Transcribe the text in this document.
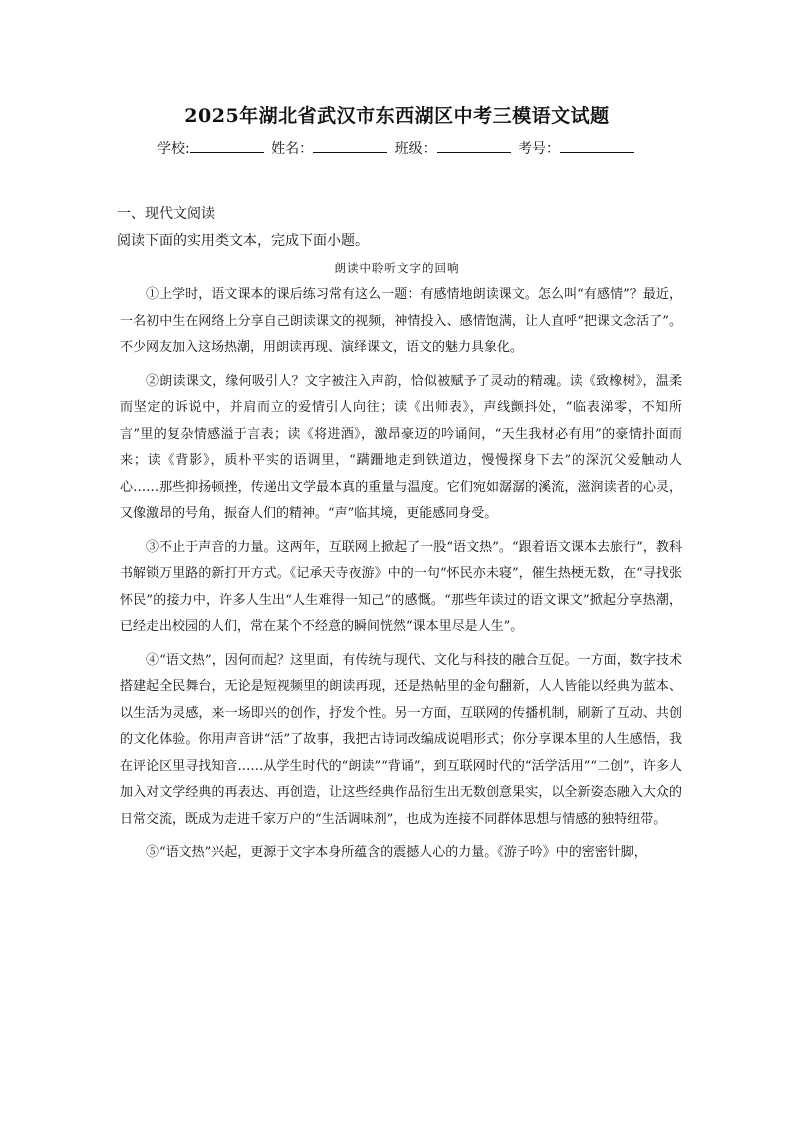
2025年湖北省武汉市东西湖区中考三模语文试题
学校:	姓名：	班级：	考号：
一、现代文阅读
阅读下面的实用类文本，完成下面小题。
朗读中聆听文字的回响

①上学时，语文课本的课后练习常有这么一题：有感情地朗读课文。怎么叫“有感情”？最近，一名初中生在网络上分享自己朗读课文的视频，神情投入、感情饱满，让人直呼“把课文念活了”。不少网友加入这场热潮，用朗读再现、演绎课文，语文的魅力具象化。

②朗读课文，缘何吸引人？文字被注入声韵，恰似被赋予了灵动的精魂。读《致橡树》，温柔而坚定的诉说中，并肩而立的爱情引人向往；读《出师表》，声线颤抖处，“临表涕零，不知所言”里的复杂情感溢于言表；读《将进酒》，激昂豪迈的吟诵间，“天生我材必有用”的豪情扑面而来；读《背影》，质朴平实的语调里，“蹒跚地走到铁道边，慢慢探身下去”的深沉父爱触动人心……那些抑扬顿挫，传递出文学最本真的重量与温度。它们宛如潺潺的溪流，滋润读者的心灵，又像激昂的号角，振奋人们的精神。“声”临其境，更能感同身受。

③不止于声音的力量。这两年，互联网上掀起了一股“语文热”。“跟着语文课本去旅行”，教科书解锁万里路的新打开方式。《记承天寺夜游》中的一句“怀民亦未寝”，催生热梗无数，在“寻找张怀民”的接力中，许多人生出“人生难得一知己”的感慨。“那些年读过的语文课文”掀起分享热潮，已经走出校园的人们，常在某个不经意的瞬间恍然“课本里尽是人生”。

④“语文热”，因何而起？这里面，有传统与现代、文化与科技的融合互促。一方面，数字技术搭建起全民舞台，无论是短视频里的朗读再现，还是热帖里的金句翻新，人人皆能以经典为蓝本、以生活为灵感，来一场即兴的创作，抒发个性。另一方面，互联网的传播机制，刷新了互动、共创的文化体验。你用声音讲“活”了故事，我把古诗词改编成说唱形式；你分享课本里的人生感悟，我在评论区里寻找知音……从学生时代的“朗读”“背诵”，到互联网时代的“活学活用”“二创”，许多人加入对文学经典的再表达、再创造，让这些经典作品衍生出无数创意果实，以全新姿态融入大众的日常交流，既成为走进千家万户的“生活调味剂”，也成为连接不同群体思想与情感的独特纽带。

⑤“语文热”兴起，更源于文字本身所蕴含的震撼人心的力量。《游子吟》中的密密针脚，
